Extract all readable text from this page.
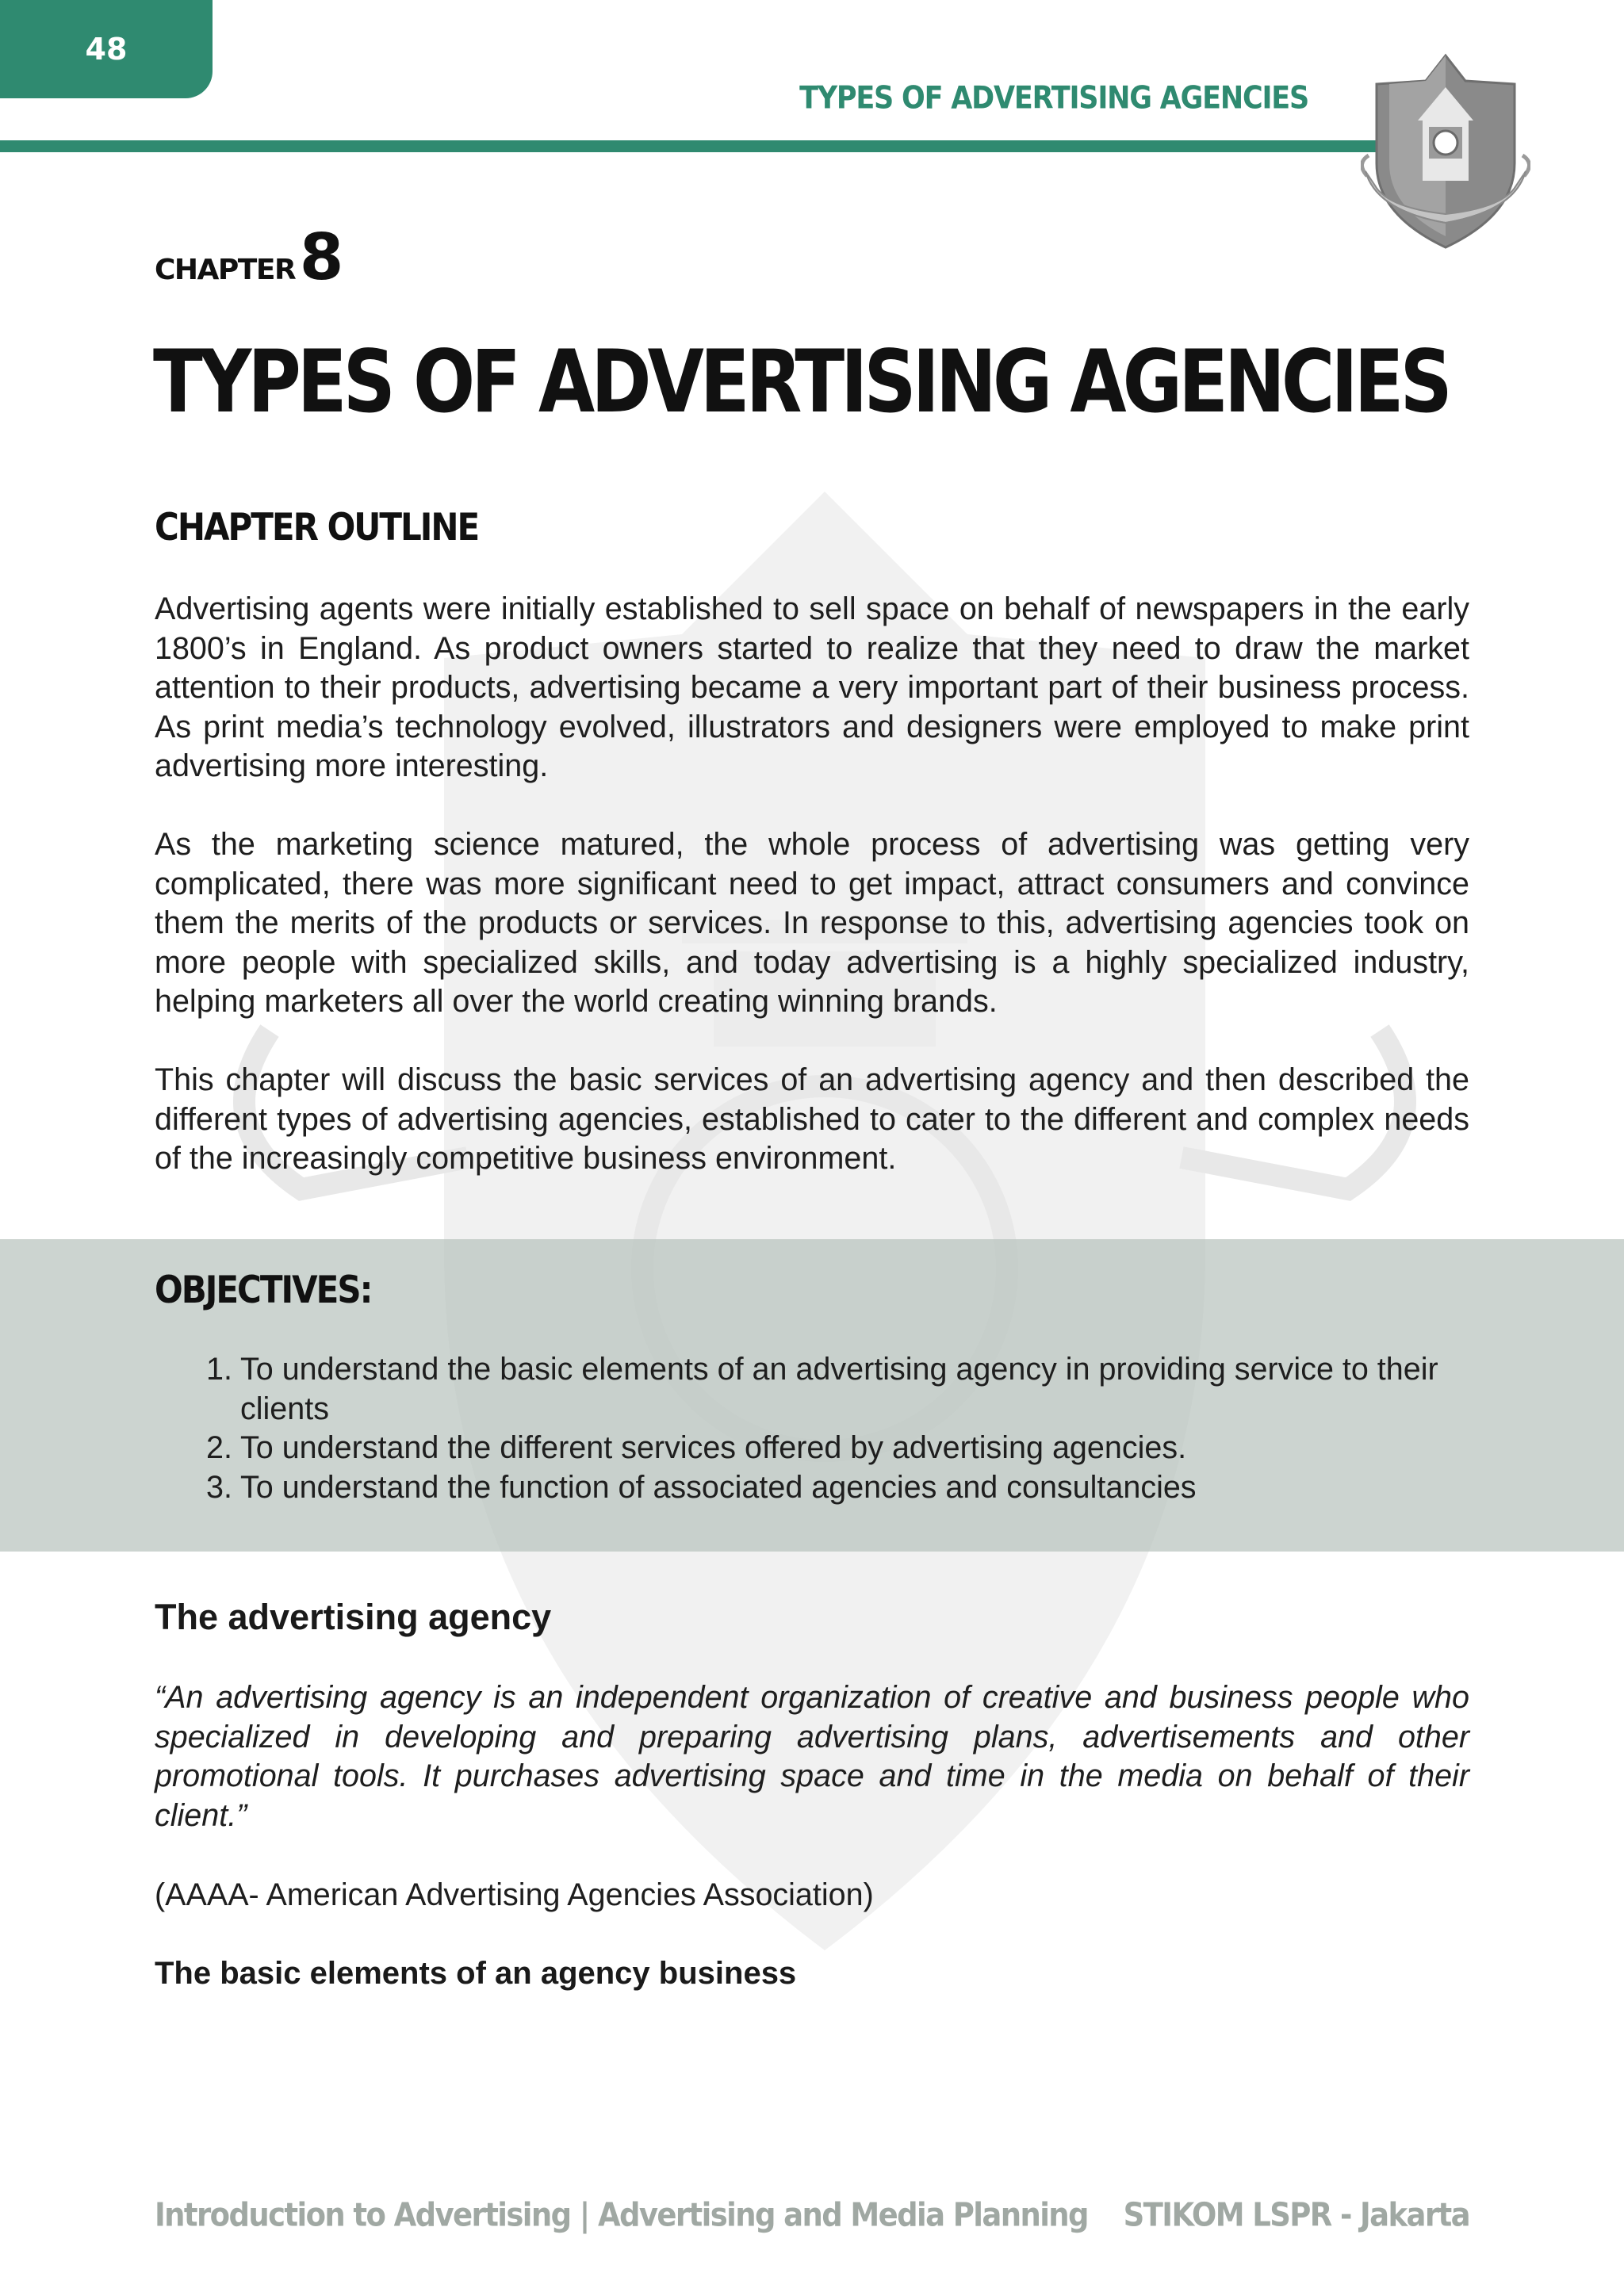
48
TYPES OF ADVERTISING AGENCIES
CHAPTER 8
TYPES OF ADVERTISING AGENCIES
CHAPTER OUTLINE

Advertising agents were initially established to sell space on behalf of newspapers in the early 1800’s in England. As product owners started to realize that they need to draw the market attention to their products, advertising became a very important part of their business process. As print media’s technology evolved, illustrators and designers were employed to make print advertising more interesting.

As the marketing science matured, the whole process of advertising was getting very complicated, there was more significant need to get impact, attract consumers and convince them the merits of the products or services. In response to this, advertising agencies took on more people with specialized skills, and today advertising is a highly specialized industry, helping marketers all over the world creating winning brands.

This chapter will discuss the basic services of an advertising agency and then described the different types of advertising agencies, established to cater to the different and complex needs of the increasingly competitive business environment.

OBJECTIVES:
1. To understand the basic elements of an advertising agency in providing service to their clients
2. To understand the different services offered by advertising agencies.
3. To understand the function of associated agencies and consultancies
The advertising agency

“An advertising agency is an independent organization of creative and business people who specialized in developing and preparing advertising plans, advertisements and other promotional tools. It purchases advertising space and time in the media on behalf of their client.”

(AAAA- American Advertising Agencies Association)

The basic elements of an agency business

Introduction to Advertising | Advertising and Media Planning STIKOM LSPR - Jakarta
